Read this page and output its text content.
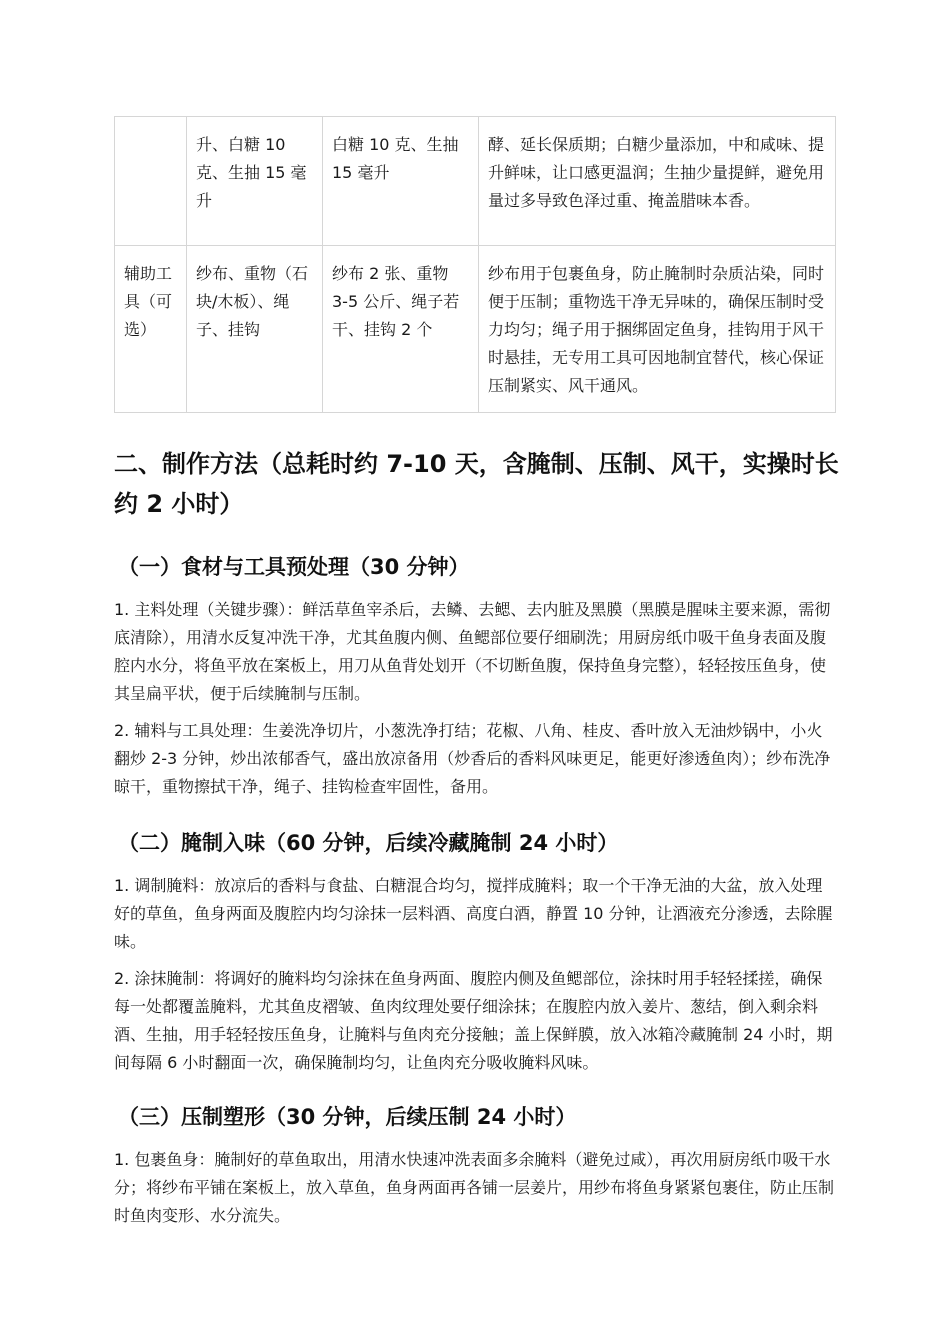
	升、白糖 10 克、生抽 15 毫升	白糖 10 克、生抽 15 毫升	酵、延长保质期；白糖少量添加，中和咸味、提升鲜味，让口感更温润；生抽少量提鲜，避免用量过多导致色泽过重、掩盖腊味本香。
辅助工具（可选）	纱布、重物（石块/木板）、绳子、挂钩	纱布 2 张、重物 3-5 公斤、绳子若干、挂钩 2 个	纱布用于包裹鱼身，防止腌制时杂质沾染，同时便于压制；重物选干净无异味的，确保压制时受力均匀；绳子用于捆绑固定鱼身，挂钩用于风干时悬挂，无专用工具可因地制宜替代，核心保证压制紧实、风干通风。
二、制作方法（总耗时约 7-10 天，含腌制、压制、风干，实操时长约 2 小时）
（一）食材与工具预处理（30 分钟）

1. 主料处理（关键步骤）：鲜活草鱼宰杀后，去鳞、去鳃、去内脏及黑膜（黑膜是腥味主要来源，需彻底清除），用清水反复冲洗干净，尤其鱼腹内侧、鱼鳃部位要仔细刷洗；用厨房纸巾吸干鱼身表面及腹腔内水分，将鱼平放在案板上，用刀从鱼背处划开（不切断鱼腹，保持鱼身完整），轻轻按压鱼身，使其呈扁平状，便于后续腌制与压制。

2. 辅料与工具处理：生姜洗净切片，小葱洗净打结；花椒、八角、桂皮、香叶放入无油炒锅中，小火翻炒 2-3 分钟，炒出浓郁香气，盛出放凉备用（炒香后的香料风味更足，能更好渗透鱼肉）；纱布洗净晾干，重物擦拭干净，绳子、挂钩检查牢固性，备用。

（二）腌制入味（60 分钟，后续冷藏腌制 24 小时）

1. 调制腌料：放凉后的香料与食盐、白糖混合均匀，搅拌成腌料；取一个干净无油的大盆，放入处理好的草鱼，鱼身两面及腹腔内均匀涂抹一层料酒、高度白酒，静置 10 分钟，让酒液充分渗透，去除腥味。

2. 涂抹腌制：将调好的腌料均匀涂抹在鱼身两面、腹腔内侧及鱼鳃部位，涂抹时用手轻轻揉搓，确保每一处都覆盖腌料，尤其鱼皮褶皱、鱼肉纹理处要仔细涂抹；在腹腔内放入姜片、葱结，倒入剩余料酒、生抽，用手轻轻按压鱼身，让腌料与鱼肉充分接触；盖上保鲜膜，放入冰箱冷藏腌制 24 小时，期间每隔 6 小时翻面一次，确保腌制均匀，让鱼肉充分吸收腌料风味。

（三）压制塑形（30 分钟，后续压制 24 小时）

1. 包裹鱼身：腌制好的草鱼取出，用清水快速冲洗表面多余腌料（避免过咸），再次用厨房纸巾吸干水分；将纱布平铺在案板上，放入草鱼，鱼身两面再各铺一层姜片，用纱布将鱼身紧紧包裹住，防止压制时鱼肉变形、水分流失。
